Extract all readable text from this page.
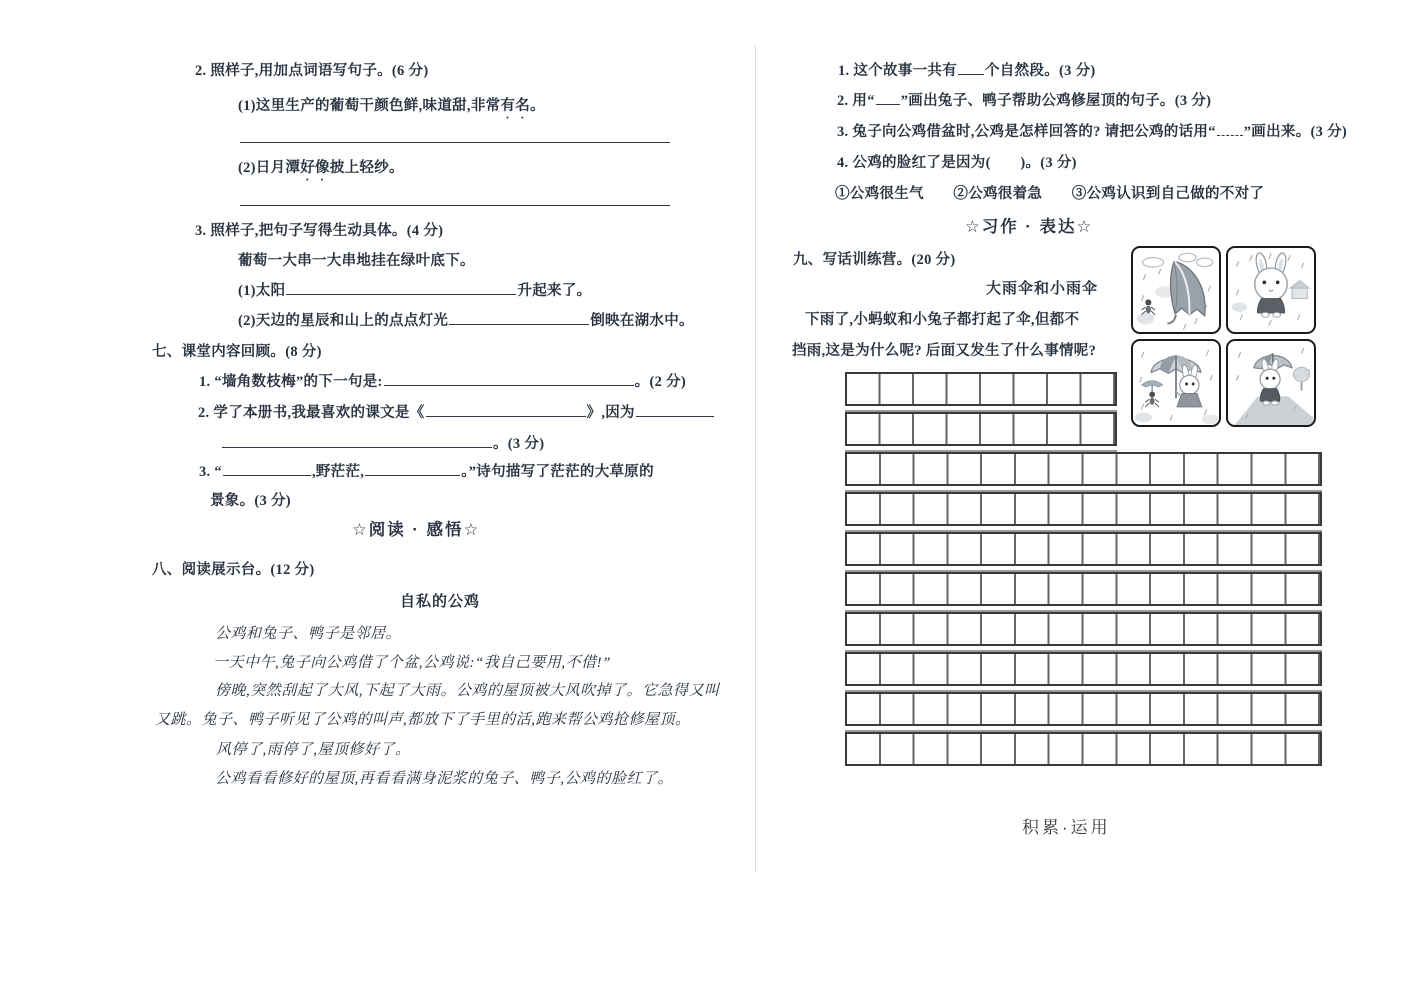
2. 照样子,用加点词语写句子。(6 分)
(1)这里生产的葡萄干颜色鲜,味道甜,非常有名。
(2)日月潭好像披上轻纱。
3. 照样子,把句子写得生动具体。(4 分)
葡萄一大串一大串地挂在绿叶底下。
(1)太阳	升起来了。
(2)天边的星辰和山上的点点灯光	倒映在湖水中。
七、课堂内容回顾。(8 分)
1. “墙角数枝梅”的下一句是:	。(2 分)
2. 学了本册书,我最喜欢的课文是《	》,因为
。(3 分)
3. “	,野茫茫,	。”诗句描写了茫茫的大草原的
景象。(3 分)
☆阅读 · 感悟☆
八、阅读展示台。(12 分)
自私的公鸡
公鸡和兔子、鸭子是邻居。
一天中午,兔子向公鸡借了个盆,公鸡说:“我自己要用,不借!”
傍晚,突然刮起了大风,下起了大雨。公鸡的屋顶被大风吹掉了。它急得又叫
又跳。兔子、鸭子听见了公鸡的叫声,都放下了手里的活,跑来帮公鸡抢修屋顶。
风停了,雨停了,屋顶修好了。
公鸡看看修好的屋顶,再看看满身泥浆的兔子、鸭子,公鸡的脸红了。
1. 这个故事一共有 个自然段。(3 分)
2. 用“ ”画出兔子、鸭子帮助公鸡修屋顶的句子。(3 分)
3. 兔子向公鸡借盆时,公鸡是怎样回答的? 请把公鸡的话用“ ”画出来。(3 分)
4. 公鸡的脸红了是因为(　　)。(3 分)
①公鸡很生气　　②公鸡很着急　　③公鸡认识到自己做的不对了
☆习作 · 表达☆
九、写话训练营。(20 分)
大雨伞和小雨伞
下雨了,小蚂蚁和小兔子都打起了伞,但都不
挡雨,这是为什么呢? 后面又发生了什么事情呢?
积累·运用
